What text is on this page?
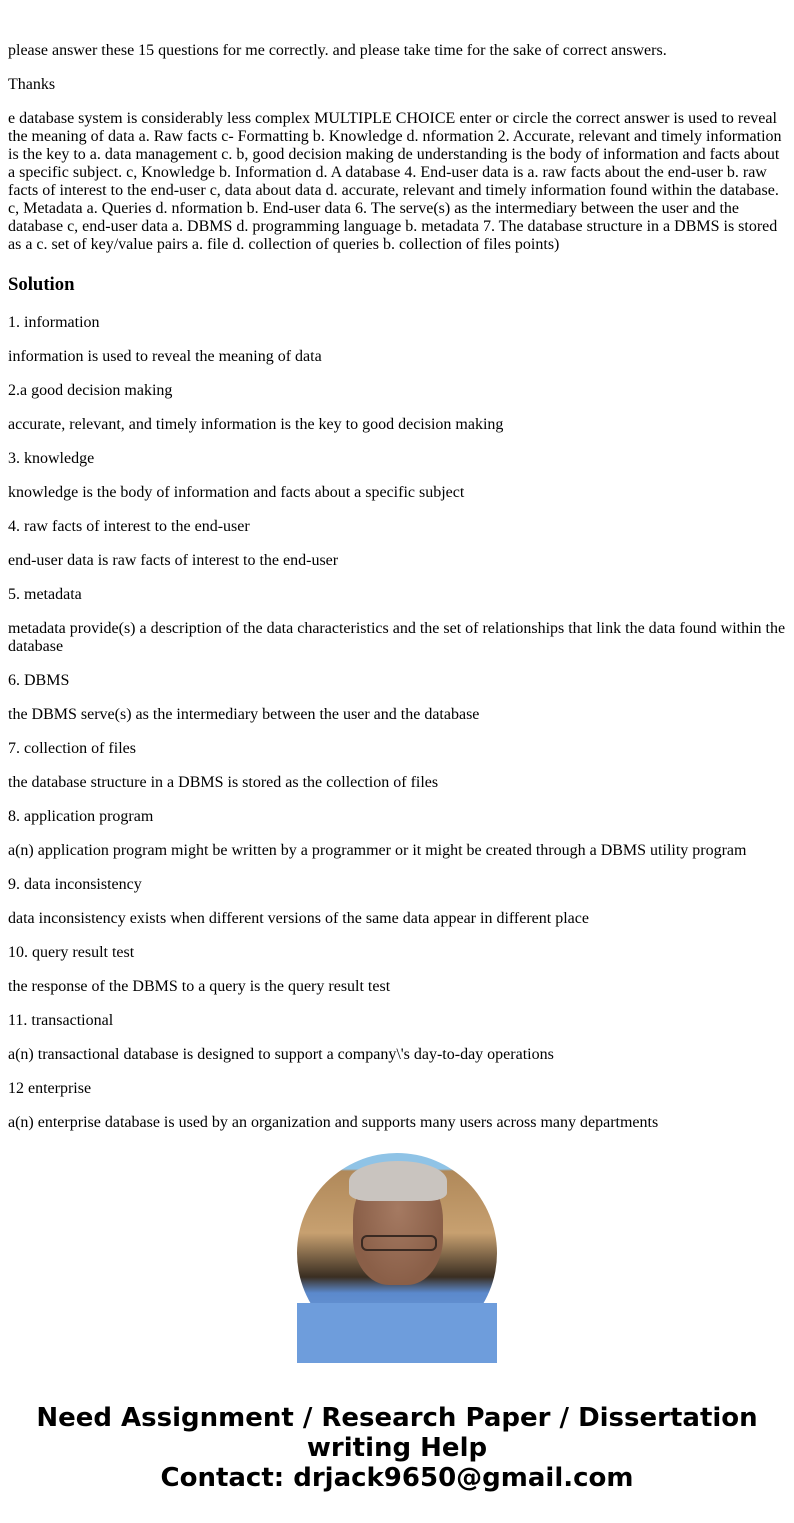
please answer these 15 questions for me correctly. and please take time for the sake of correct answers.

Thanks

e database system is considerably less complex MULTIPLE CHOICE enter or circle the correct answer is used to reveal the meaning of data a. Raw facts c- Formatting b. Knowledge d. nformation 2. Accurate, relevant and timely information is the key to a. data management c. b, good decision making de understanding is the body of information and facts about a specific subject. c, Knowledge b. Information d. A database 4. End-user data is a. raw facts about the end-user b. raw facts of interest to the end-user c, data about data d. accurate, relevant and timely information found within the database. c, Metadata a. Queries d. nformation b. End-user data 6. The serve(s) as the intermediary between the user and the database c, end-user data a. DBMS d. programming language b. metadata 7. The database structure in a DBMS is stored as a c. set of key/value pairs a. file d. collection of queries b. collection of files points)

Solution

1. information

information is used to reveal the meaning of data

2.a good decision making

accurate, relevant, and timely information is the key to good decision making

3. knowledge

knowledge is the body of information and facts about a specific subject

4. raw facts of interest to the end-user

end-user data is raw facts of interest to the end-user

5. metadata

metadata provide(s) a description of the data characteristics and the set of relationships that link the data found within the database

6. DBMS

the DBMS serve(s) as the intermediary between the user and the database

7. collection of files

the database structure in a DBMS is stored as the collection of files

8. application program

a(n) application program might be written by a programmer or it might be created through a DBMS utility program

9. data inconsistency

data inconsistency exists when different versions of the same data appear in different place

10. query result test

the response of the DBMS to a query is the query result test

11. transactional

a(n) transactional database is designed to support a company\'s day-to-day operations

12 enterprise

a(n) enterprise database is used by an organization and supports many users across many departments

Need Assignment / Research Paper / Dissertation writing Help
Contact: drjack9650@gmail.com
